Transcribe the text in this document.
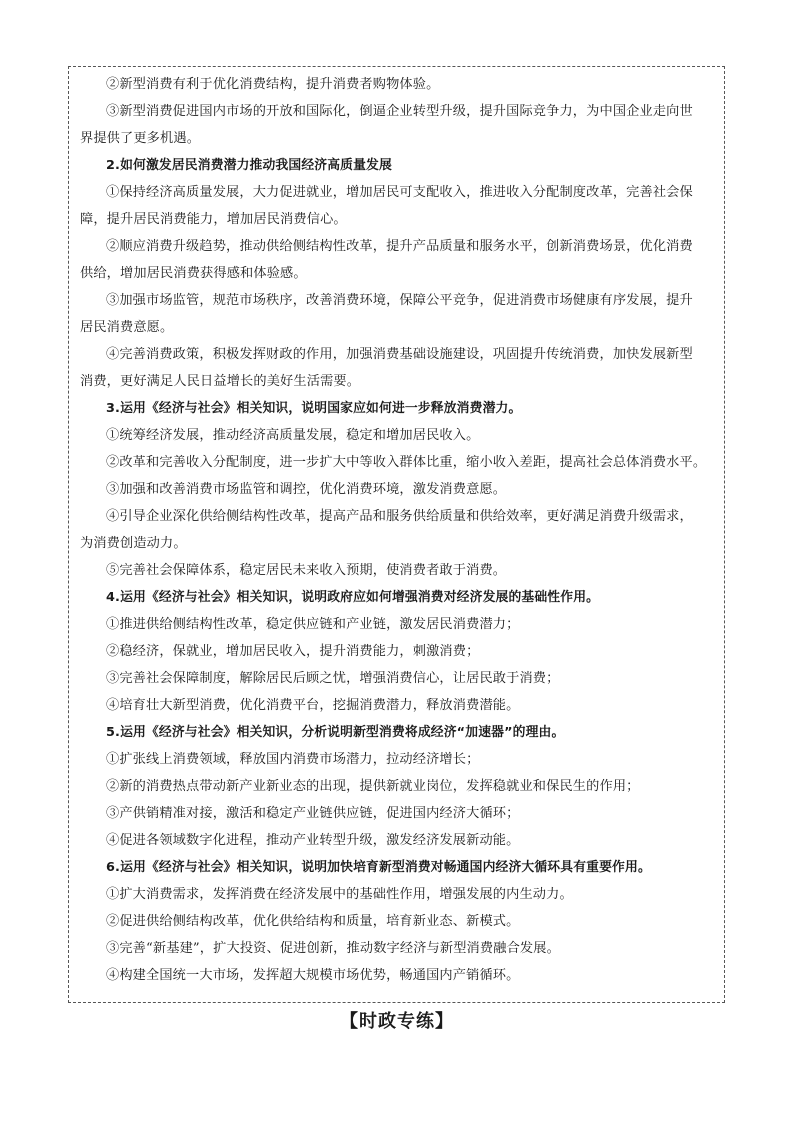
②新型消费有利于优化消费结构，提升消费者购物体验。
③新型消费促进国内市场的开放和国际化，倒逼企业转型升级，提升国际竞争力，为中国企业走向世
界提供了更多机遇。
2.如何激发居民消费潜力推动我国经济高质量发展
①保持经济高质量发展，大力促进就业，增加居民可支配收入，推进收入分配制度改革，完善社会保
障，提升居民消费能力，增加居民消费信心。
②顺应消费升级趋势，推动供给侧结构性改革，提升产品质量和服务水平，创新消费场景，优化消费
供给，增加居民消费获得感和体验感。
③加强市场监管，规范市场秩序，改善消费环境，保障公平竞争，促进消费市场健康有序发展，提升
居民消费意愿。
④完善消费政策，积极发挥财政的作用，加强消费基础设施建设，巩固提升传统消费，加快发展新型
消费，更好满足人民日益增长的美好生活需要。
3.运用《经济与社会》相关知识，说明国家应如何进一步释放消费潜力。
①统筹经济发展，推动经济高质量发展，稳定和增加居民收入。
②改革和完善收入分配制度，进一步扩大中等收入群体比重，缩小收入差距，提高社会总体消费水平。
③加强和改善消费市场监管和调控，优化消费环境，激发消费意愿。
④引导企业深化供给侧结构性改革，提高产品和服务供给质量和供给效率，更好满足消费升级需求，
为消费创造动力。
⑤完善社会保障体系，稳定居民未来收入预期，使消费者敢于消费。
4.运用《经济与社会》相关知识，说明政府应如何增强消费对经济发展的基础性作用。
①推进供给侧结构性改革，稳定供应链和产业链，激发居民消费潜力；
②稳经济，保就业，增加居民收入，提升消费能力，刺激消费；
③完善社会保障制度，解除居民后顾之忧，增强消费信心，让居民敢于消费；
④培育壮大新型消费，优化消费平台，挖掘消费潜力，释放消费潜能。
5.运用《经济与社会》相关知识，分析说明新型消费将成经济“加速器”的理由。
①扩张线上消费领域，释放国内消费市场潜力，拉动经济增长；
②新的消费热点带动新产业新业态的出现，提供新就业岗位，发挥稳就业和保民生的作用；
③产供销精准对接，激活和稳定产业链供应链，促进国内经济大循环；
④促进各领域数字化进程，推动产业转型升级，激发经济发展新动能。
6.运用《经济与社会》相关知识，说明加快培育新型消费对畅通国内经济大循环具有重要作用。
①扩大消费需求，发挥消费在经济发展中的基础性作用，增强发展的内生动力。
②促进供给侧结构改革，优化供给结构和质量，培育新业态、新模式。
③完善“新基建”，扩大投资、促进创新，推动数字经济与新型消费融合发展。
④构建全国统一大市场，发挥超大规模市场优势，畅通国内产销循环。
【时政专练】
